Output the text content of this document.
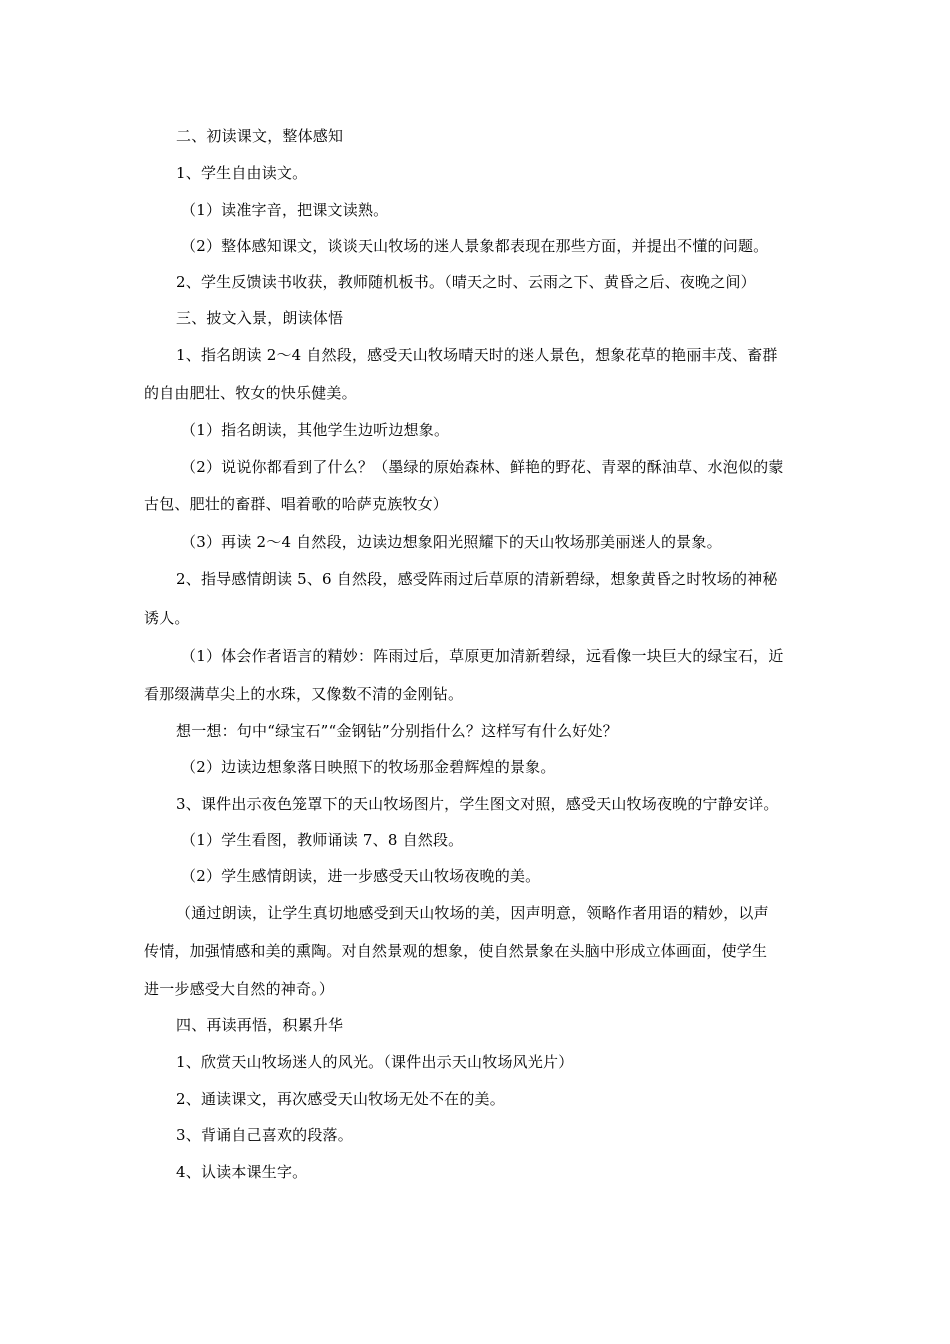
二、初读课文，整体感知
1、学生自由读文。
（1）读准字音，把课文读熟。
（2）整体感知课文，谈谈天山牧场的迷人景象都表现在那些方面，并提出不懂的问题。
2、学生反馈读书收获，教师随机板书。（晴天之时、云雨之下、黄昏之后、夜晚之间）
三、披文入景，朗读体悟
1、指名朗读 2～4 自然段，感受天山牧场晴天时的迷人景色，想象花草的艳丽丰茂、畜群
的自由肥壮、牧女的快乐健美。
（1）指名朗读，其他学生边听边想象。
（2）说说你都看到了什么？（墨绿的原始森林、鲜艳的野花、青翠的酥油草、水泡似的蒙
古包、肥壮的畜群、唱着歌的哈萨克族牧女）
（3）再读 2～4 自然段，边读边想象阳光照耀下的天山牧场那美丽迷人的景象。
2、指导感情朗读 5、6 自然段，感受阵雨过后草原的清新碧绿，想象黄昏之时牧场的神秘
诱人。
（1）体会作者语言的精妙：阵雨过后，草原更加清新碧绿，远看像一块巨大的绿宝石，近
看那缀满草尖上的水珠，又像数不清的金刚钻。
想一想：句中“绿宝石”“金钢钻”分别指什么？这样写有什么好处？
（2）边读边想象落日映照下的牧场那金碧辉煌的景象。
3、课件出示夜色笼罩下的天山牧场图片，学生图文对照，感受天山牧场夜晚的宁静安详。
（1）学生看图，教师诵读 7、8 自然段。
（2）学生感情朗读，进一步感受天山牧场夜晚的美。
（通过朗读，让学生真切地感受到天山牧场的美，因声明意，领略作者用语的精妙，以声
传情，加强情感和美的熏陶。对自然景观的想象，使自然景象在头脑中形成立体画面，使学生
进一步感受大自然的神奇。）
四、再读再悟，积累升华
1、欣赏天山牧场迷人的风光。（课件出示天山牧场风光片）
2、通读课文，再次感受天山牧场无处不在的美。
3、背诵自己喜欢的段落。
4、认读本课生字。
